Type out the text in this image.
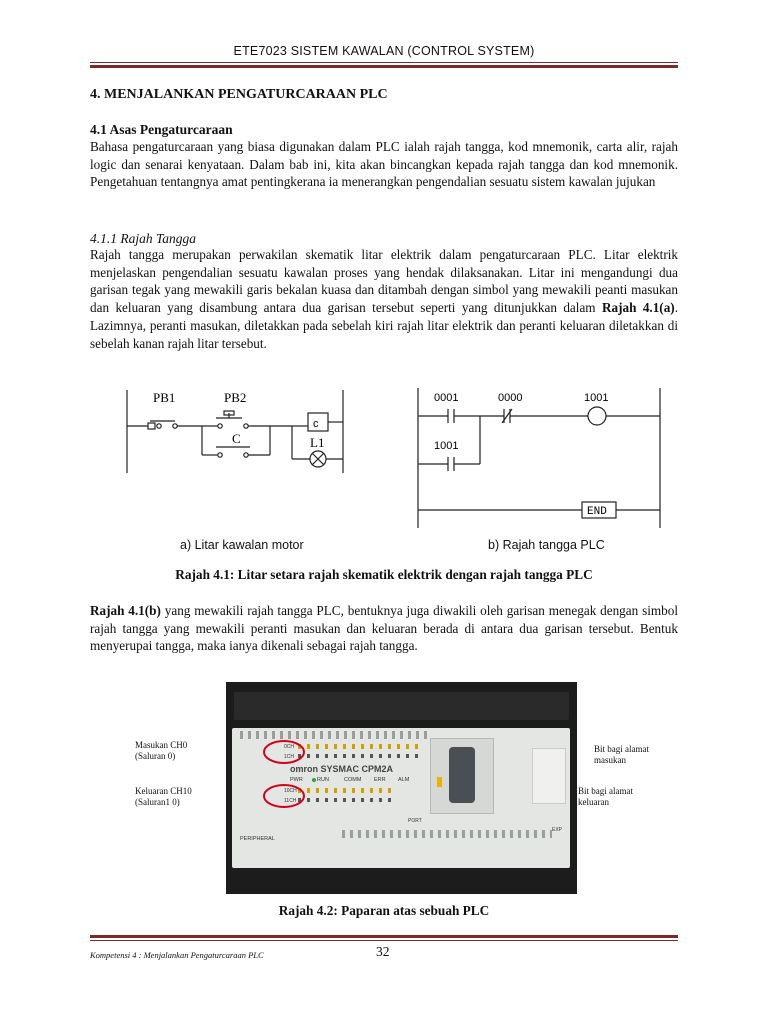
ETE7023 SISTEM KAWALAN (CONTROL SYSTEM)
4. MENJALANKAN PENGATURCARAAN PLC
4.1 Asas Pengaturcaraan
Bahasa pengaturcaraan yang biasa digunakan dalam PLC ialah rajah tangga, kod mnemonik, carta alir, rajah logic dan senarai kenyataan. Dalam bab ini, kita akan bincangkan kepada rajah tangga dan kod mnemonik. Pengetahuan tentangnya amat pentingkerana ia menerangkan pengendalian sesuatu sistem kawalan jujukan
4.1.1 Rajah Tangga
Rajah tangga merupakan perwakilan skematik litar elektrik dalam pengaturcaraan PLC. Litar elektrik menjelaskan pengendalian sesuatu kawalan proses yang hendak dilaksanakan. Litar ini mengandungi dua garisan tegak yang mewakili garis bekalan kuasa dan ditambah dengan simbol yang mewakili peanti masukan dan keluaran yang disambung antara dua garisan tersebut seperti yang ditunjukkan dalam Rajah 4.1(a). Lazimnya, peranti masukan, diletakkan pada sebelah kiri rajah litar elektrik dan peranti keluaran diletakkan di sebelah kanan rajah litar tersebut.
PB1	PB2
C
c
L1
0001	0000	1001
1001
END
a) Litar kawalan motor	b) Rajah tangga PLC
Rajah 4.1: Litar setara rajah skematik elektrik dengan rajah tangga PLC
Rajah 4.1(b) yang mewakili rajah tangga PLC, bentuknya juga diwakili oleh garisan menegak dengan simbol rajah tangga yang mewakili peranti masukan dan keluaran berada di antara dua garisan tersebut. Bentuk menyerupai tangga, maka ianya dikenali sebagai rajah tangga.
0CH
1CH
omron SYSMAC CPM2A
PWR	RUN	COMM ERR ALM
10CH
11CH
PORT
EXP
PERIPHERAL
Masukan CH0
(Saluran 0)
Keluaran CH10
(Saluran1 0)
Bit bagi alamat
masukan
Bit bagi alamat
keluaran
Rajah 4.2: Paparan atas sebuah PLC
Kompetensi 4 : Menjalankan Pengaturcaraan PLC	32
